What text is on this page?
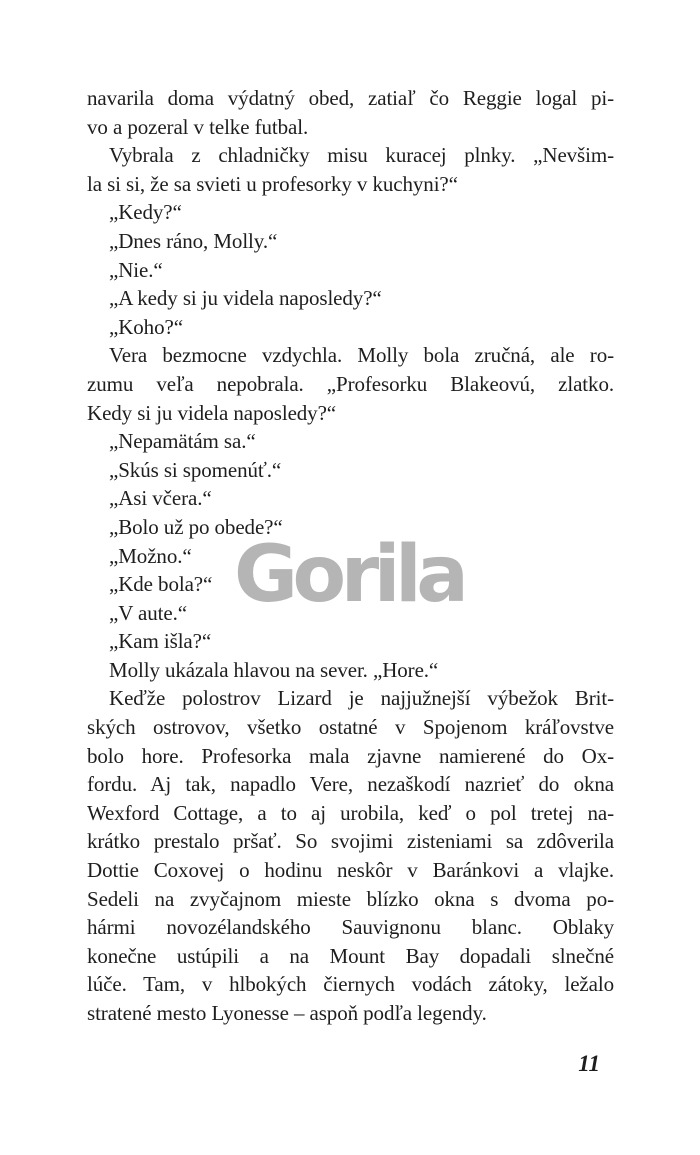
Gorila
navarila doma výdatný obed, zatiaľ čo Reggie logal pi-
vo a pozeral v telke futbal.
Vybrala z chladničky misu kuracej plnky. „Nevšim-
la si si, že sa svieti u profesorky v kuchyni?“
„Kedy?“
„Dnes ráno, Molly.“
„Nie.“
„A kedy si ju videla naposledy?“
„Koho?“
Vera bezmocne vzdychla. Molly bola zručná, ale ro-
zumu veľa nepobrala. „Profesorku Blakeovú, zlatko.
Kedy si ju videla naposledy?“
„Nepamätám sa.“
„Skús si spomenúť.“
„Asi včera.“
„Bolo už po obede?“
„Možno.“
„Kde bola?“
„V aute.“
„Kam išla?“
Molly ukázala hlavou na sever. „Hore.“
Keďže polostrov Lizard je najjužnejší výbežok Brit-
ských ostrovov, všetko ostatné v Spojenom kráľovstve
bolo hore. Profesorka mala zjavne namierené do Ox-
fordu. Aj tak, napadlo Vere, nezaškodí nazrieť do okna
Wexford Cottage, a to aj urobila, keď o pol tretej na-
krátko prestalo pršať. So svojimi zisteniami sa zdôverila
Dottie Coxovej o hodinu neskôr v Baránkovi a vlajke.
Sedeli na zvyčajnom mieste blízko okna s dvoma po-
hármi novozélandského Sauvignonu blanc. Oblaky
konečne ustúpili a na Mount Bay dopadali slnečné
lúče. Tam, v hlbokých čiernych vodách zátoky, ležalo
stratené mesto Lyonesse – aspoň podľa legendy.
11
